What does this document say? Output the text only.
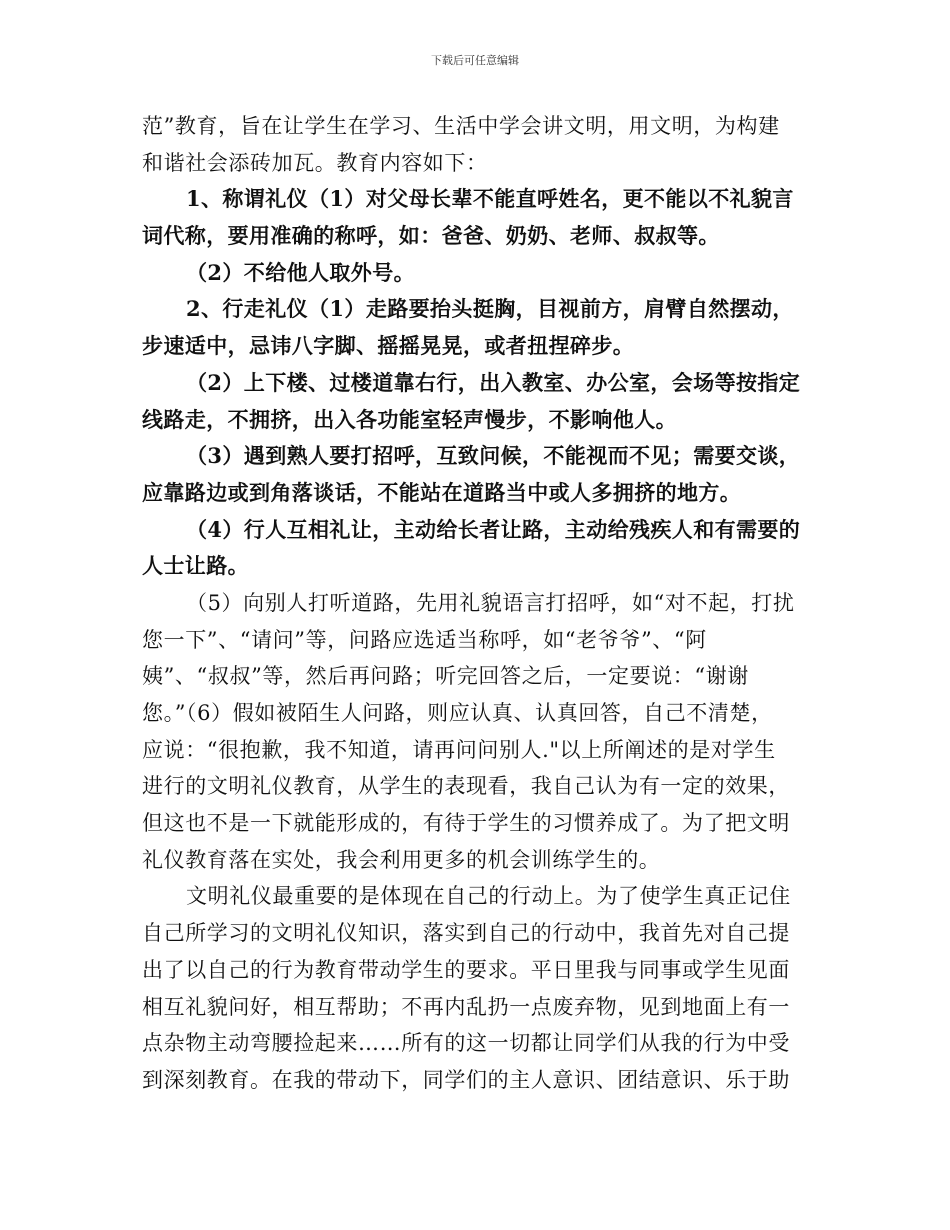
下载后可任意编辑
范”教育，旨在让学生在学习、生活中学会讲文明，用文明，为构建
和谐社会添砖加瓦。教育内容如下：
1、称谓礼仪（1）对父母长辈不能直呼姓名，更不能以不礼貌言
词代称，要用准确的称呼，如：爸爸、奶奶、老师、叔叔等。
（2）不给他人取外号。
2、行走礼仪（1）走路要抬头挺胸，目视前方，肩臂自然摆动，
步速适中，忌讳八字脚、摇摇晃晃，或者扭捏碎步。
（2）上下楼、过楼道靠右行，出入教室、办公室，会场等按指定
线路走，不拥挤，出入各功能室轻声慢步，不影响他人。
（3）遇到熟人要打招呼，互致问候，不能视而不见；需要交谈，
应靠路边或到角落谈话，不能站在道路当中或人多拥挤的地方。
（4）行人互相礼让，主动给长者让路，主动给残疾人和有需要的
人士让路。
（5）向别人打听道路，先用礼貌语言打招呼，如“对不起，打扰
您一下”、“请问”等，问路应选适当称呼，如“老爷爷”、“阿
姨”、“叔叔”等，然后再问路；听完回答之后，一定要说：“谢谢
您。”（6）假如被陌生人问路，则应认真、认真回答，自己不清楚，
应说：“很抱歉，我不知道，请再问问别人."以上所阐述的是对学生
进行的文明礼仪教育，从学生的表现看，我自己认为有一定的效果，
但这也不是一下就能形成的，有待于学生的习惯养成了。为了把文明
礼仪教育落在实处，我会利用更多的机会训练学生的。
文明礼仪最重要的是体现在自己的行动上。为了使学生真正记住
自己所学习的文明礼仪知识，落实到自己的行动中，我首先对自己提
出了以自己的行为教育带动学生的要求。平日里我与同事或学生见面
相互礼貌问好，相互帮助；不再内乱扔一点废弃物，见到地面上有一
点杂物主动弯腰捡起来……所有的这一切都让同学们从我的行为中受
到深刻教育。在我的带动下，同学们的主人意识、团结意识、乐于助
